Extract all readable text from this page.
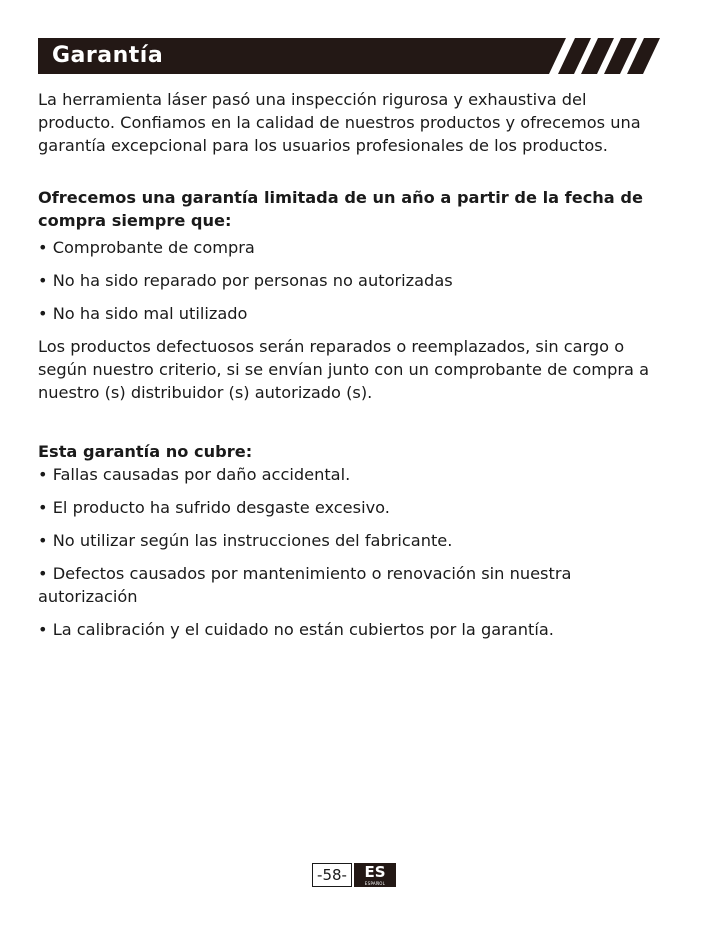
Garantía

La herramienta láser pasó una inspección rigurosa y exhaustiva del producto. Confiamos en la calidad de nuestros productos y ofrecemos una garantía excepcional para los usuarios profesionales de los productos.

Ofrecemos una garantía limitada de un año a partir de la fecha de compra siempre que:

• Comprobante de compra

• No ha sido reparado por personas no autorizadas

• No ha sido mal utilizado

Los productos defectuosos serán reparados o reemplazados, sin cargo o según nuestro criterio, si se envían junto con un comprobante de compra a nuestro (s) distribuidor (s) autorizado (s).

Esta garantía no cubre:

• Fallas causadas por daño accidental.

• El producto ha sufrido desgaste excesivo.

• No utilizar según las instrucciones del fabricante.

• Defectos causados por mantenimiento o renovación sin nuestra autorización

• La calibración y el cuidado no están cubiertos por la garantía.

-58-	ES
ESPAÑOL
